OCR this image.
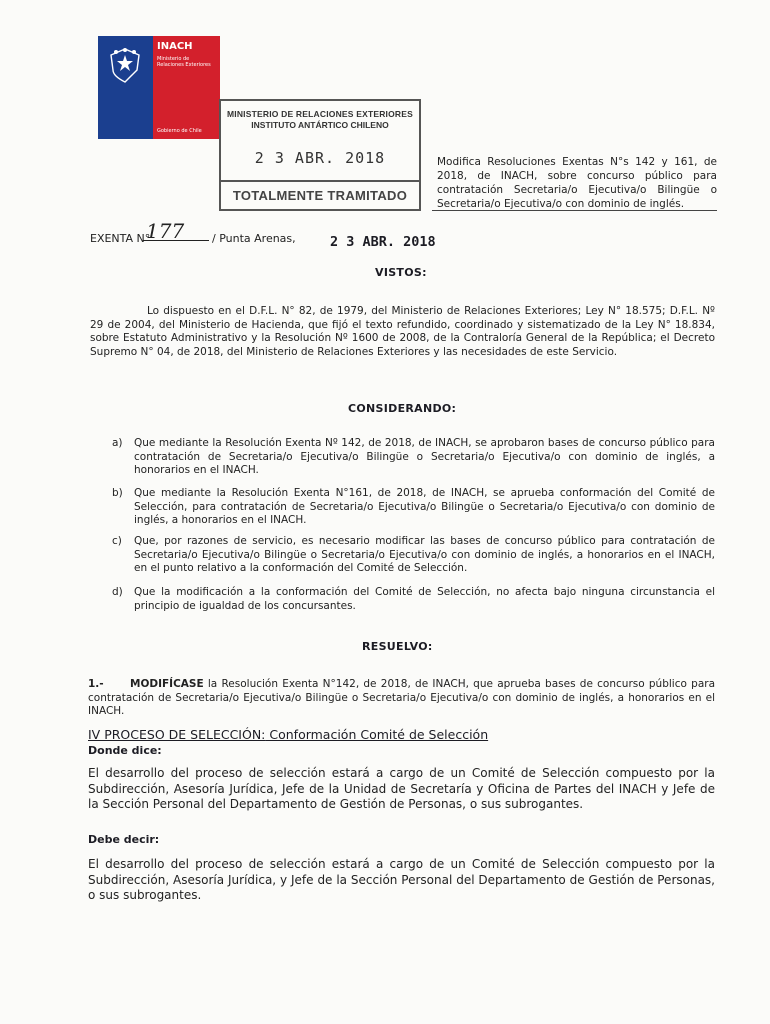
INACH
Ministerio de Relaciones Exteriores
Gobierno de Chile
MINISTERIO DE RELACIONES EXTERIORES
INSTITUTO ANTÁRTICO CHILENO
2 3 ABR. 2018
TOTALMENTE TRAMITADO
Modifica Resoluciones Exentas N°s 142 y 161, de 2018, de INACH, sobre concurso público para contratación Secretaria/o Ejecutiva/o Bilingüe o Secretaria/o Ejecutiva/o con dominio de inglés.
EXENTA N°
177	/ Punta Arenas,	2 3 ABR. 2018
VISTOS:
Lo dispuesto en el D.F.L. N° 82, de 1979, del Ministerio de Relaciones Exteriores; Ley N° 18.575; D.F.L. Nº 29 de 2004, del Ministerio de Hacienda, que fijó el texto refundido, coordinado y sistematizado de la Ley N° 18.834, sobre Estatuto Administrativo y la Resolución Nº 1600 de 2008, de la Contraloría General de la República; el Decreto Supremo N° 04, de 2018, del Ministerio de Relaciones Exteriores y las necesidades de este Servicio.
CONSIDERANDO:
a)	Que mediante la Resolución Exenta Nº 142, de 2018, de INACH, se aprobaron bases de concurso público para contratación de Secretaria/o Ejecutiva/o Bilingüe o Secretaria/o Ejecutiva/o con dominio de inglés, a honorarios en el INACH.
b)	Que mediante la Resolución Exenta N°161, de 2018, de INACH, se aprueba conformación del Comité de Selección, para contratación de Secretaria/o Ejecutiva/o Bilingüe o Secretaria/o Ejecutiva/o con dominio de inglés, a honorarios en el INACH.
c)	Que, por razones de servicio, es necesario modificar las bases de concurso público para contratación de Secretaria/o Ejecutiva/o Bilingüe o Secretaria/o Ejecutiva/o con dominio de inglés, a honorarios en el INACH, en el punto relativo a la conformación del Comité de Selección.
d)	Que la modificación a la conformación del Comité de Selección, no afecta bajo ninguna circunstancia el principio de igualdad de los concursantes.
RESUELVO:
1.-	MODIFÍCASE la Resolución Exenta N°142, de 2018, de INACH, que aprueba bases de concurso público para contratación de Secretaria/o Ejecutiva/o Bilingüe o Secretaria/o Ejecutiva/o con dominio de inglés, a honorarios en el INACH.
IV PROCESO DE SELECCIÓN: Conformación Comité de Selección
Donde dice:
El desarrollo del proceso de selección estará a cargo de un Comité de Selección compuesto por la Subdirección, Asesoría Jurídica, Jefe de la Unidad de Secretaría y Oficina de Partes del INACH y Jefe de la Sección Personal del Departamento de Gestión de Personas, o sus subrogantes.
Debe decir:
El desarrollo del proceso de selección estará a cargo de un Comité de Selección compuesto por la Subdirección, Asesoría Jurídica, y Jefe de la Sección Personal del Departamento de Gestión de Personas, o sus subrogantes.
